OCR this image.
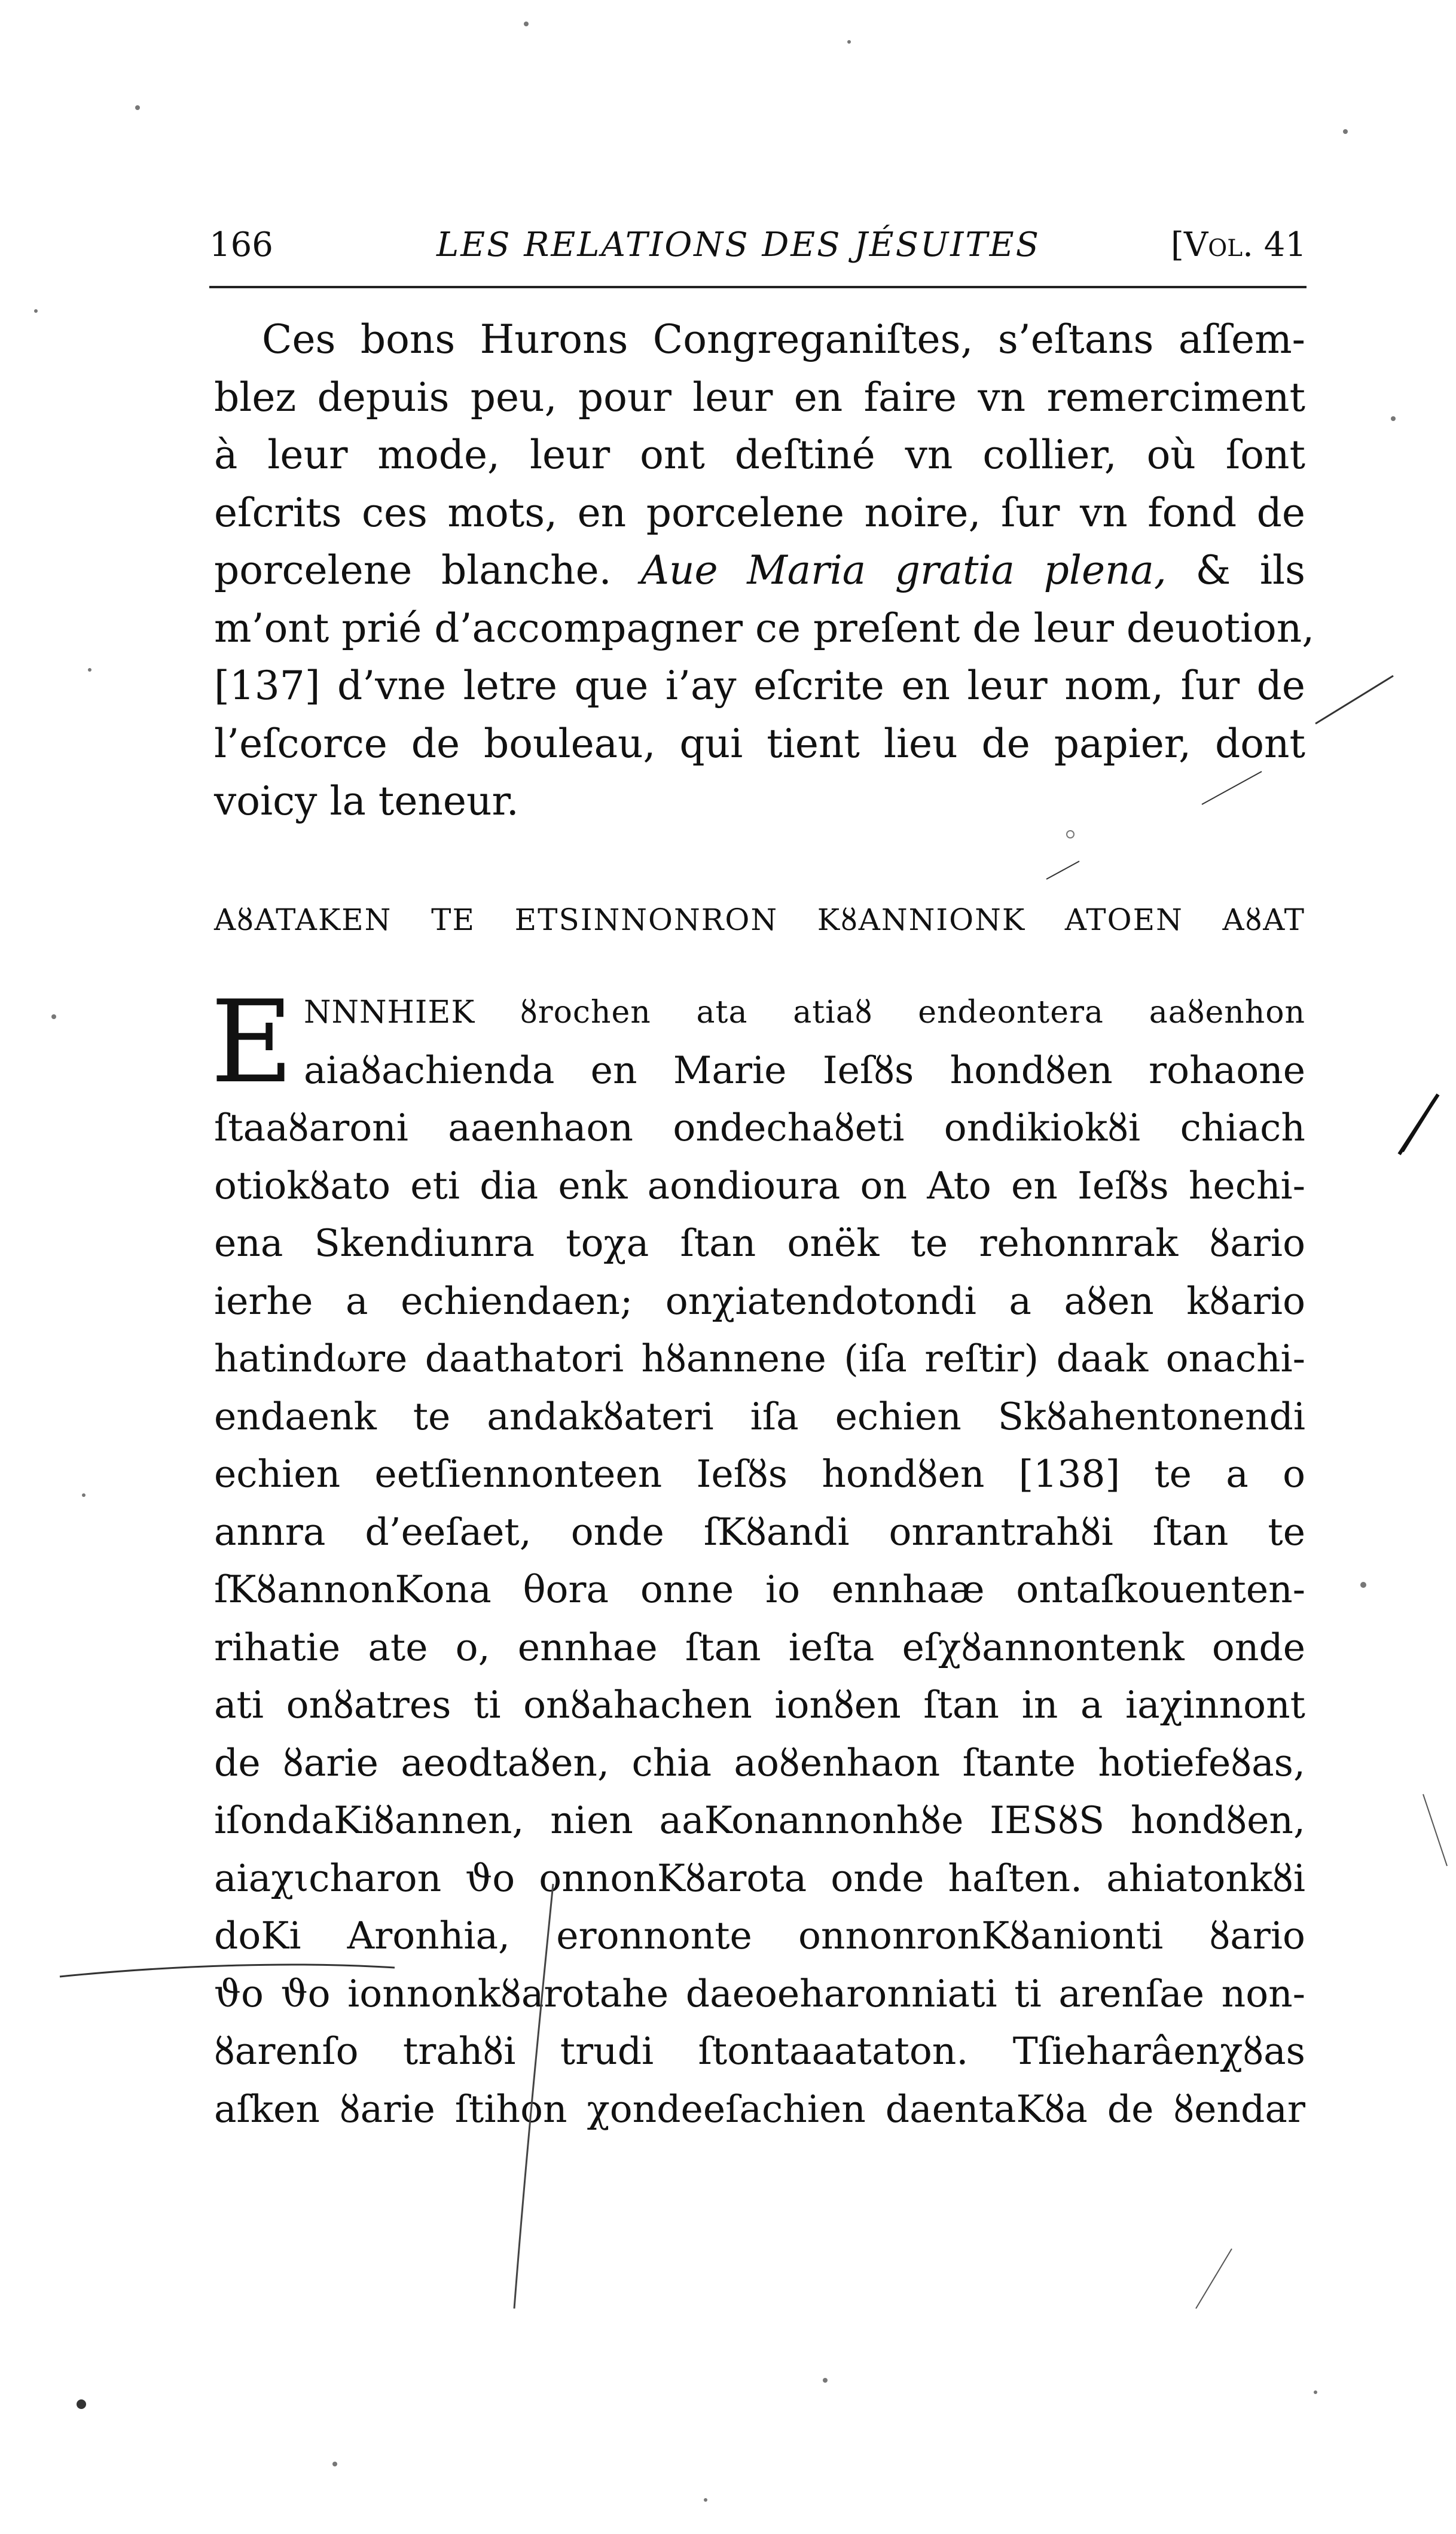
166	LES RELATIONS DES JÉSUITES	[Vol. 41
Ces bons Hurons Congreganiſtes, s’eſtans aſſem-
blez depuis peu, pour leur en faire vn remerciment
à leur mode, leur ont deſtiné vn collier, où ſont
eſcrits ces mots, en porcelene noire, ſur vn fond de
porcelene blanche. Aue Maria gratia plena, & ils
m’ont prié d’accompagner ce preſent de leur deuotion,
[137] d’vne letre que i’ay eſcrite en leur nom, ſur de
l’eſcorce de bouleau, qui tient lieu de papier, dont
voicy la teneur.
AȣATAKEN TE ETSINNONRON KȣANNIONK ATOEN AȣAT
E NNNHIEK ȣrochen ata atiaȣ endeontera aaȣenhon
aiaȣachienda en Marie Ieſȣs hondȣen rohaone
ſtaaȣaroni aaenhaon ondechaȣeti ondikiokȣi chiach
otiokȣato eti dia enk aondioura on Ato en Ieſȣs hechi-
ena Skendiunra toχa ſtan onëk te rehonnrak ȣario
ierhe a echiendaen; onχiatendotondi a aȣen kȣario
hatindωre daathatori hȣannene (iſa reſtir) daak onachi-
endaenk te andakȣateri iſa echien Skȣahentonendi
echien eetſiennonteen Ieſȣs hondȣen [138] te a o
annra d’eeſaet, onde ſKȣandi onrantrahȣi ſtan te
ſKȣannonKona θora onne io ennhaæ ontaſkouenten-
rihatie ate o, ennhae ſtan ieſta eſχȣannontenk onde
ati onȣatres ti onȣahachen ionȣen ſtan in a iaχinnont
de ȣarie aeodtaȣen, chia aoȣenhaon ſtante hotiefeȣas,
iſondaKiȣannen, nien aaKonannonhȣe IESȣS hondȣen,
aiaχιcharon ϑo onnonKȣarota onde haſten. ahiatonkȣi
doKi Aronhia, eronnonte onnonronKȣanionti ȣario
ϑo ϑo ionnonkȣarotahe daeoeharonniati ti arenſae non-
ȣarenſo trahȣi trudi ſtontaaataton. Tſieharâenχȣas
aſken ȣarie ſtihon χondeeſachien daentaKȣa de ȣendar
